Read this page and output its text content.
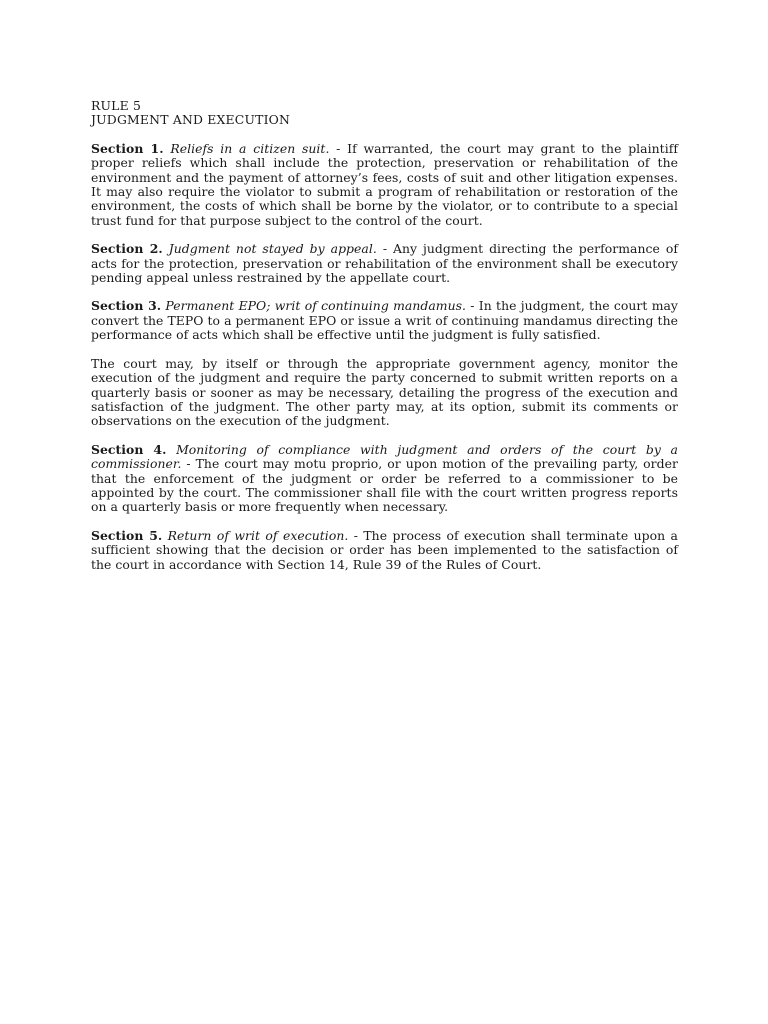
RULE 5
JUDGMENT AND EXECUTION

Section 1. Reliefs in a citizen suit. - If warranted, the court may grant to the plaintiff proper reliefs which shall include the protection, preservation or rehabilitation of the environment and the payment of attorney’s fees, costs of suit and other litigation expenses. It may also require the violator to submit a program of rehabilitation or restoration of the environment, the costs of which shall be borne by the violator, or to contribute to a special trust fund for that purpose subject to the control of the court.

Section 2. Judgment not stayed by appeal. - Any judgment directing the performance of acts for the protection, preservation or rehabilitation of the environment shall be executory pending appeal unless restrained by the appellate court.

Section 3. Permanent EPO; writ of continuing mandamus. - In the judgment, the court may convert the TEPO to a permanent EPO or issue a writ of continuing mandamus directing the performance of acts which shall be effective until the judgment is fully satisfied.

The court may, by itself or through the appropriate government agency, monitor the execution of the judgment and require the party concerned to submit written reports on a quarterly basis or sooner as may be necessary, detailing the progress of the execution and satisfaction of the judgment. The other party may, at its option, submit its comments or observations on the execution of the judgment.

Section 4. Monitoring of compliance with judgment and orders of the court by a commissioner. - The court may motu proprio, or upon motion of the prevailing party, order that the enforcement of the judgment or order be referred to a commissioner to be appointed by the court. The commissioner shall file with the court written progress reports on a quarterly basis or more frequently when necessary.

Section 5. Return of writ of execution. - The process of execution shall terminate upon a sufficient showing that the decision or order has been implemented to the satisfaction of the court in accordance with Section 14, Rule 39 of the Rules of Court.
